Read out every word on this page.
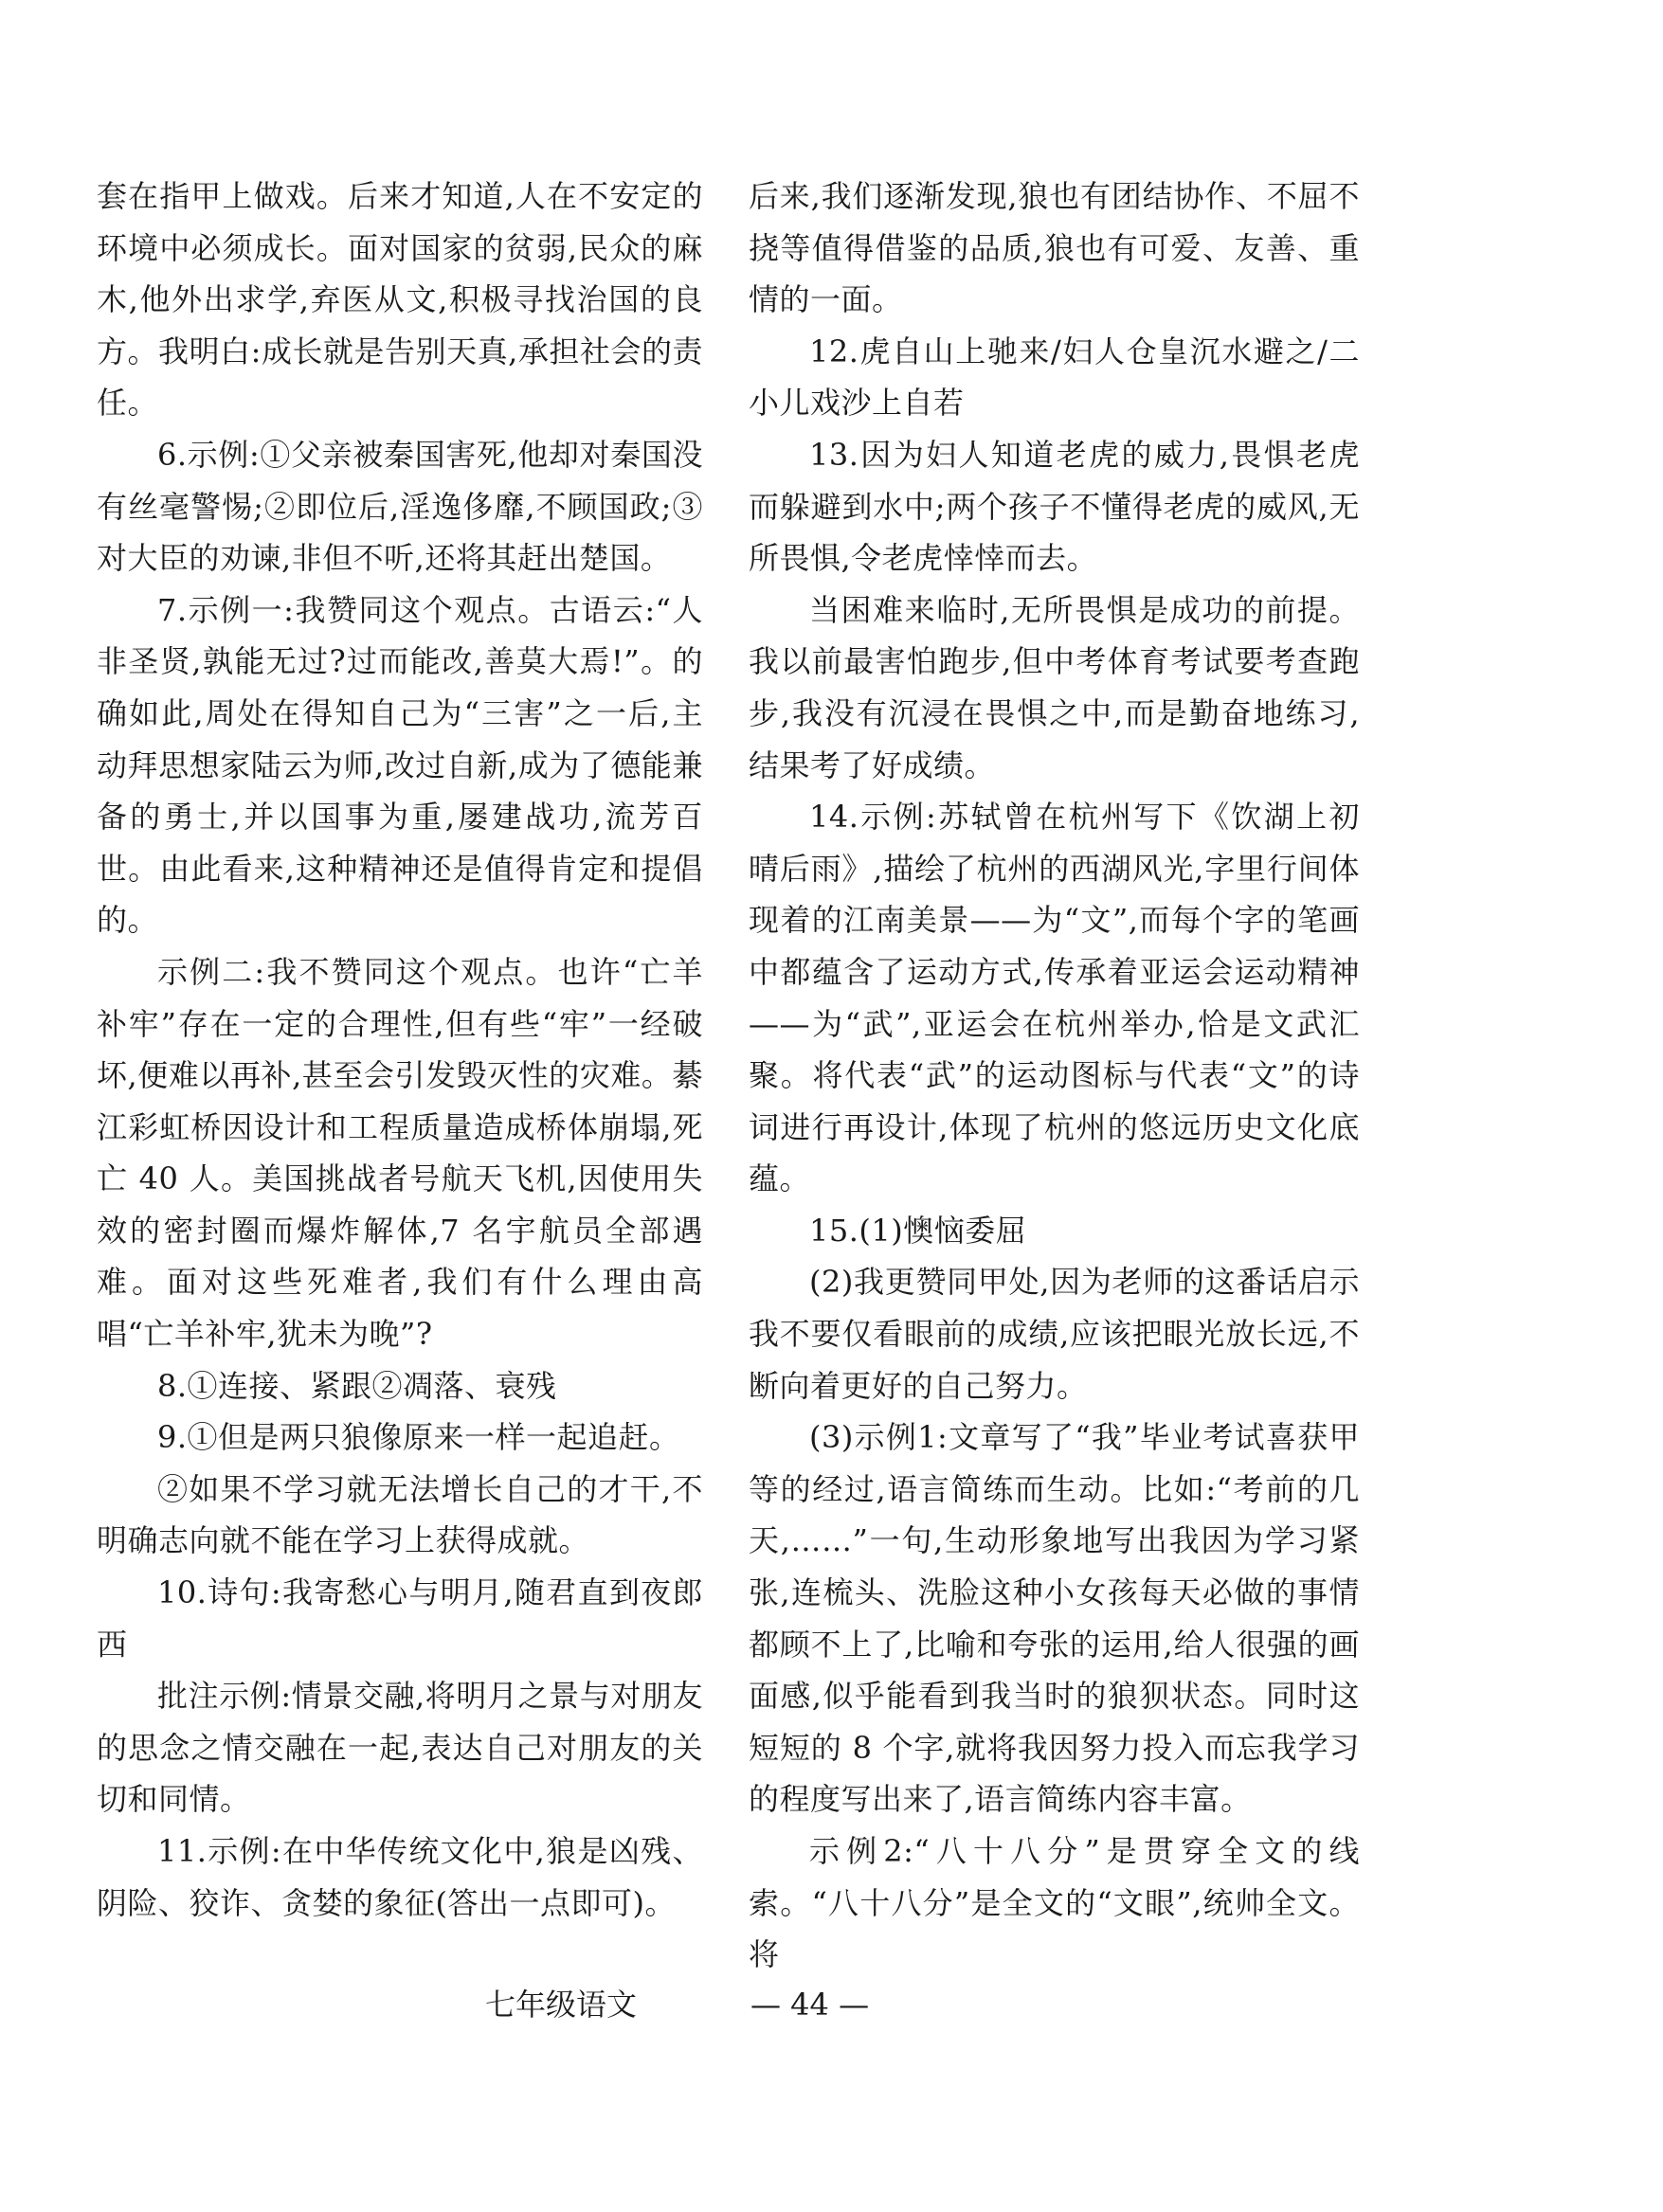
套在指甲上做戏。后来才知道,人在不安定的环境中必须成长。面对国家的贫弱,民众的麻木,他外出求学,弃医从文,积极寻找治国的良方。我明白:成长就是告别天真,承担社会的责任。

6.示例:①父亲被秦国害死,他却对秦国没有丝毫警惕;②即位后,淫逸侈靡,不顾国政;③对大臣的劝谏,非但不听,还将其赶出楚国。

7.示例一:我赞同这个观点。古语云:“人非圣贤,孰能无过?过而能改,善莫大焉!”。的确如此,周处在得知自己为“三害”之一后,主动拜思想家陆云为师,改过自新,成为了德能兼备的勇士,并以国事为重,屡建战功,流芳百世。由此看来,这种精神还是值得肯定和提倡的。

示例二:我不赞同这个观点。也许“亡羊补牢”存在一定的合理性,但有些“牢”一经破坏,便难以再补,甚至会引发毁灭性的灾难。綦江彩虹桥因设计和工程质量造成桥体崩塌,死亡 40 人。美国挑战者号航天飞机,因使用失效的密封圈而爆炸解体,7 名宇航员全部遇难。面对这些死难者,我们有什么理由高唱“亡羊补牢,犹未为晚”?

8.①连接、紧跟②凋落、衰残

9.①但是两只狼像原来一样一起追赶。

②如果不学习就无法增长自己的才干,不明确志向就不能在学习上获得成就。

10.诗句:我寄愁心与明月,随君直到夜郎西

批注示例:情景交融,将明月之景与对朋友的思念之情交融在一起,表达自己对朋友的关切和同情。

11.示例:在中华传统文化中,狼是凶残、阴险、狡诈、贪婪的象征(答出一点即可)。

后来,我们逐渐发现,狼也有团结协作、不屈不挠等值得借鉴的品质,狼也有可爱、友善、重情的一面。

12.虎自山上驰来/妇人仓皇沉水避之/二小儿戏沙上自若

13.因为妇人知道老虎的威力,畏惧老虎而躲避到水中;两个孩子不懂得老虎的威风,无所畏惧,令老虎悻悻而去。

当困难来临时,无所畏惧是成功的前提。我以前最害怕跑步,但中考体育考试要考查跑步,我没有沉浸在畏惧之中,而是勤奋地练习,结果考了好成绩。

14.示例:苏轼曾在杭州写下《饮湖上初晴后雨》,描绘了杭州的西湖风光,字里行间体现着的江南美景——为“文”,而每个字的笔画中都蕴含了运动方式,传承着亚运会运动精神——为“武”,亚运会在杭州举办,恰是文武汇聚。将代表“武”的运动图标与代表“文”的诗词进行再设计,体现了杭州的悠远历史文化底蕴。

15.(1)懊恼委屈

(2)我更赞同甲处,因为老师的这番话启示我不要仅看眼前的成绩,应该把眼光放长远,不断向着更好的自己努力。

(3)示例1:文章写了“我”毕业考试喜获甲等的经过,语言简练而生动。比如:“考前的几天,……”一句,生动形象地写出我因为学习紧张,连梳头、洗脸这种小女孩每天必做的事情都顾不上了,比喻和夸张的运用,给人很强的画面感,似乎能看到我当时的狼狈状态。同时这短短的 8 个字,就将我因努力投入而忘我学习的程度写出来了,语言简练内容丰富。

示例2:“八十八分”是贯穿全文的线索。“八十八分”是全文的“文眼”,统帅全文。将

七年级语文	— 44 —
